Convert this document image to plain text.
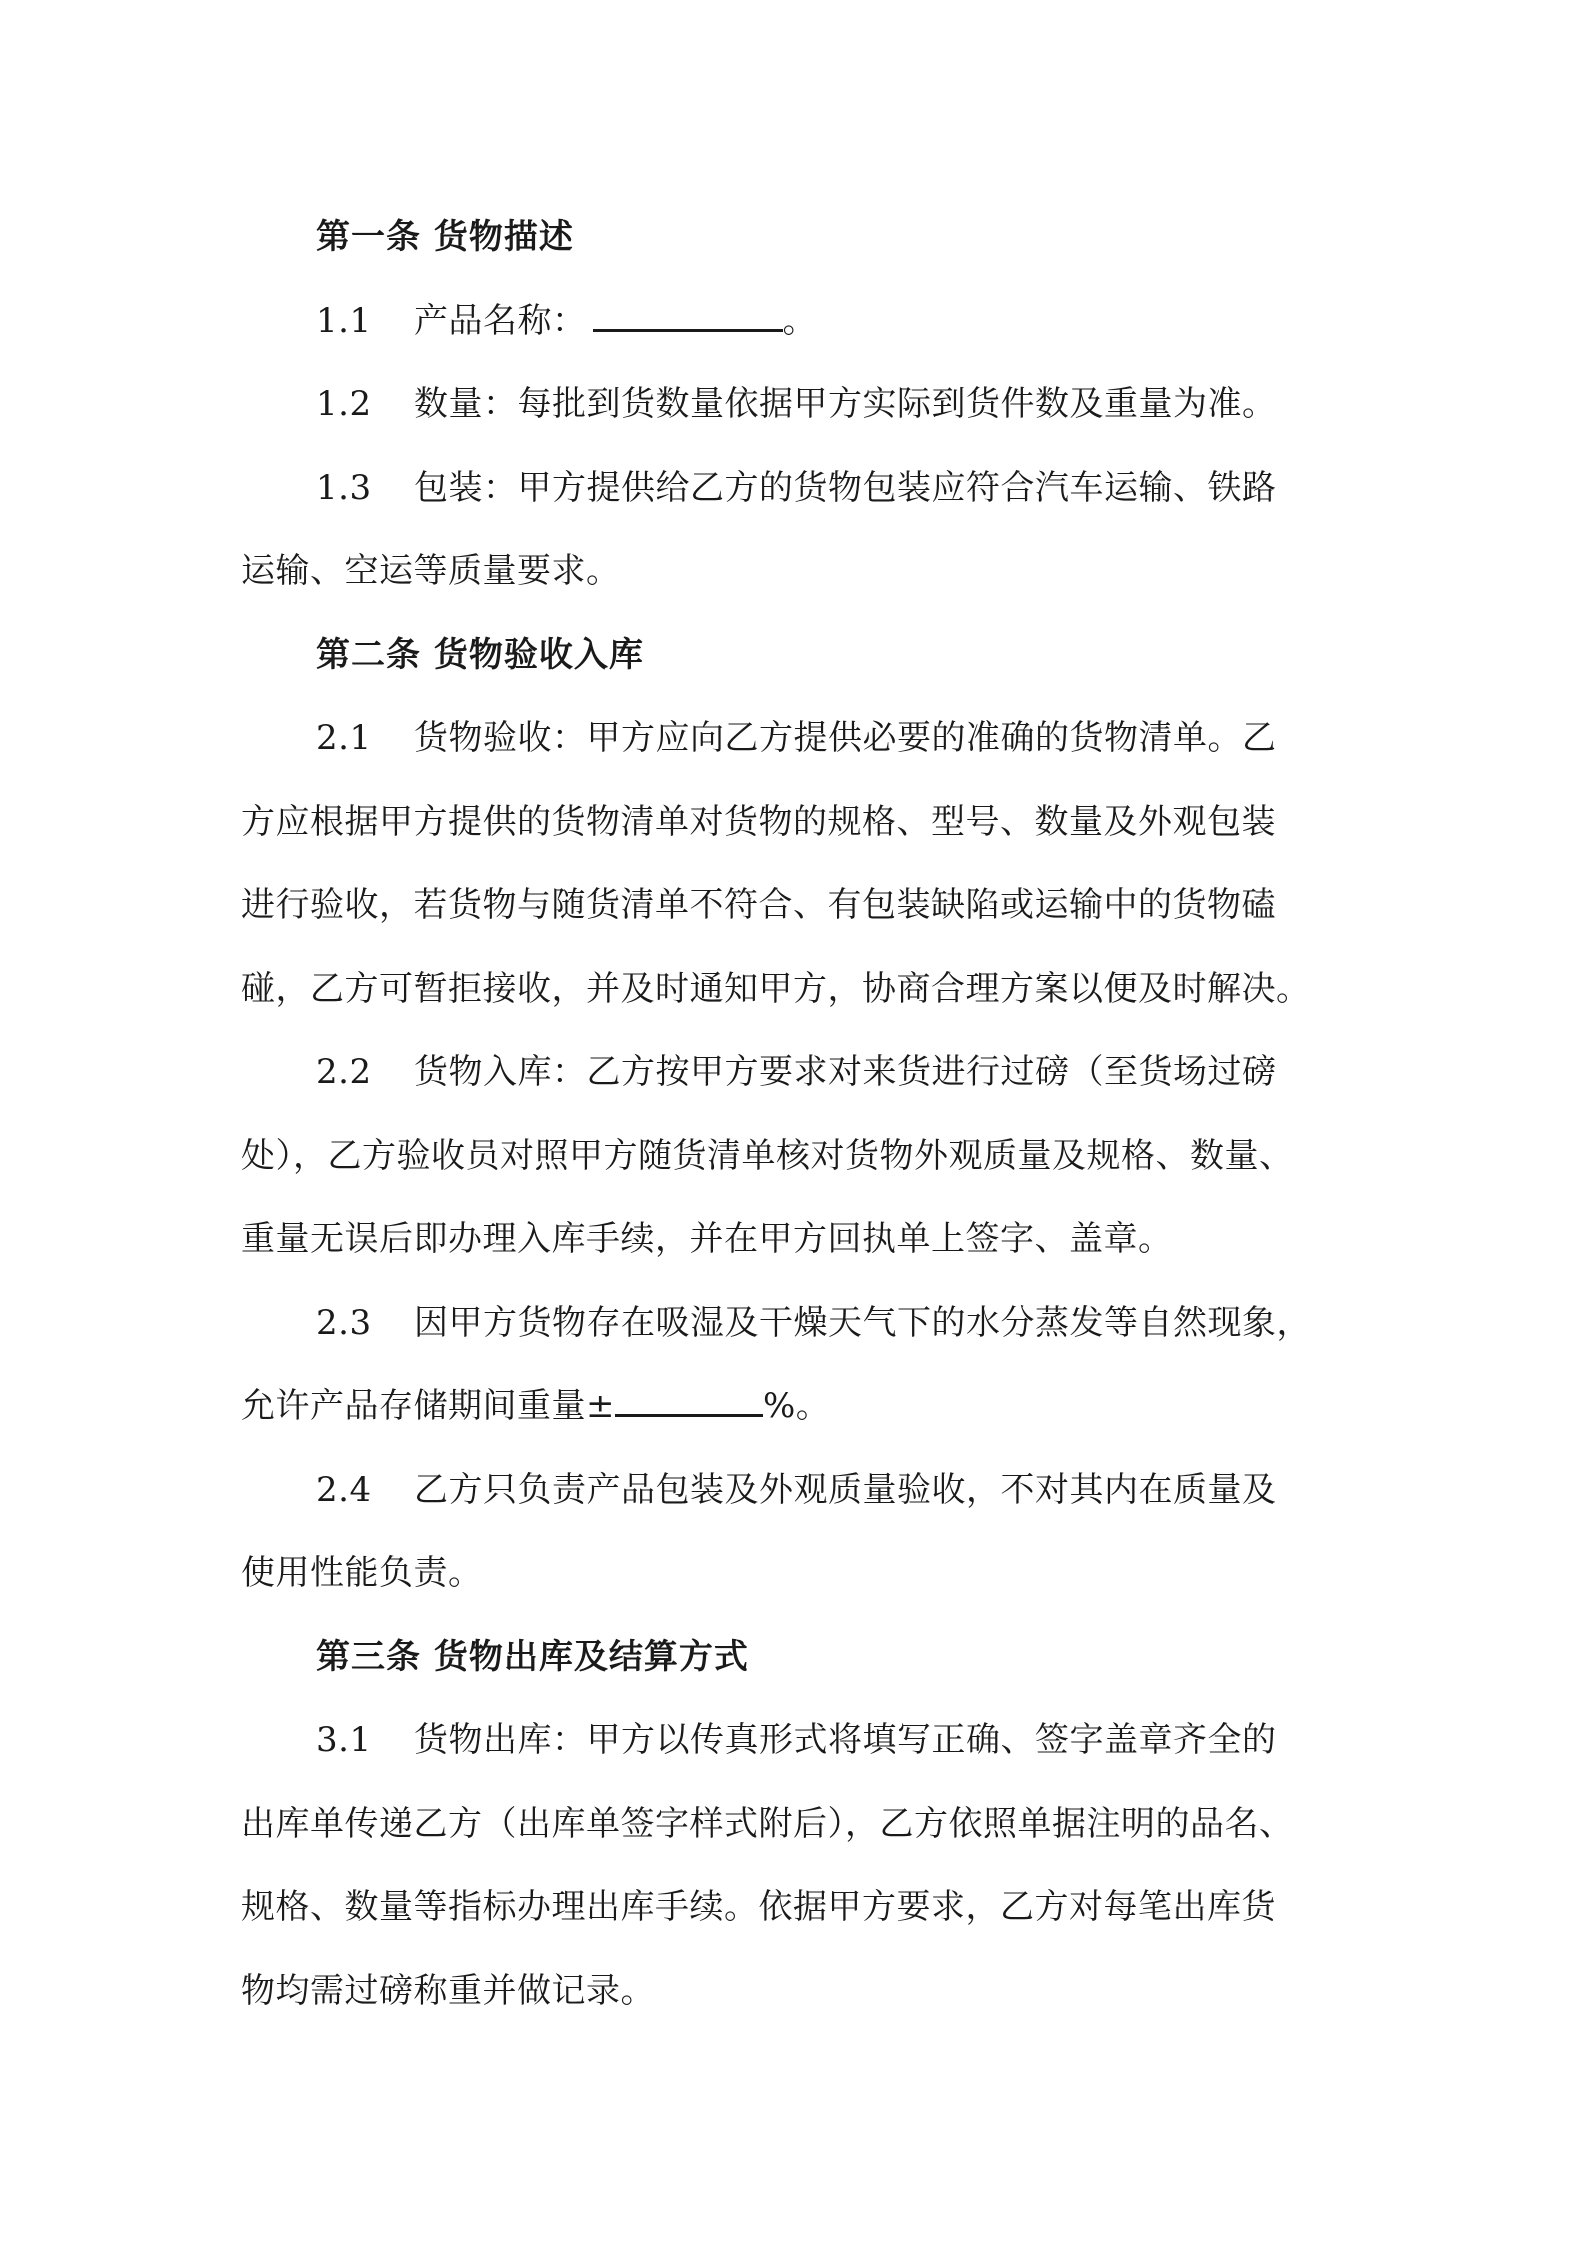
第一条 货物描述
1.1 产品名称：	。
1.2 数量：每批到货数量依据甲方实际到货件数及重量为准。
1.3 包装：甲方提供给乙方的货物包装应符合汽车运输、铁路
运输、空运等质量要求。
第二条 货物验收入库
2.1 货物验收：甲方应向乙方提供必要的准确的货物清单。乙
方应根据甲方提供的货物清单对货物的规格、型号、数量及外观包装
进行验收，若货物与随货清单不符合、有包装缺陷或运输中的货物磕
碰，乙方可暂拒接收，并及时通知甲方，协商合理方案以便及时解决。
2.2 货物入库：乙方按甲方要求对来货进行过磅（至货场过磅
处），乙方验收员对照甲方随货清单核对货物外观质量及规格、数量、
重量无误后即办理入库手续，并在甲方回执单上签字、盖章。
2.3 因甲方货物存在吸湿及干燥天气下的水分蒸发等自然现象，
允许产品存储期间重量±	%。
2.4 乙方只负责产品包装及外观质量验收，不对其内在质量及
使用性能负责。
第三条 货物出库及结算方式
3.1 货物出库：甲方以传真形式将填写正确、签字盖章齐全的
出库单传递乙方（出库单签字样式附后），乙方依照单据注明的品名、
规格、数量等指标办理出库手续。依据甲方要求，乙方对每笔出库货
物均需过磅称重并做记录。
